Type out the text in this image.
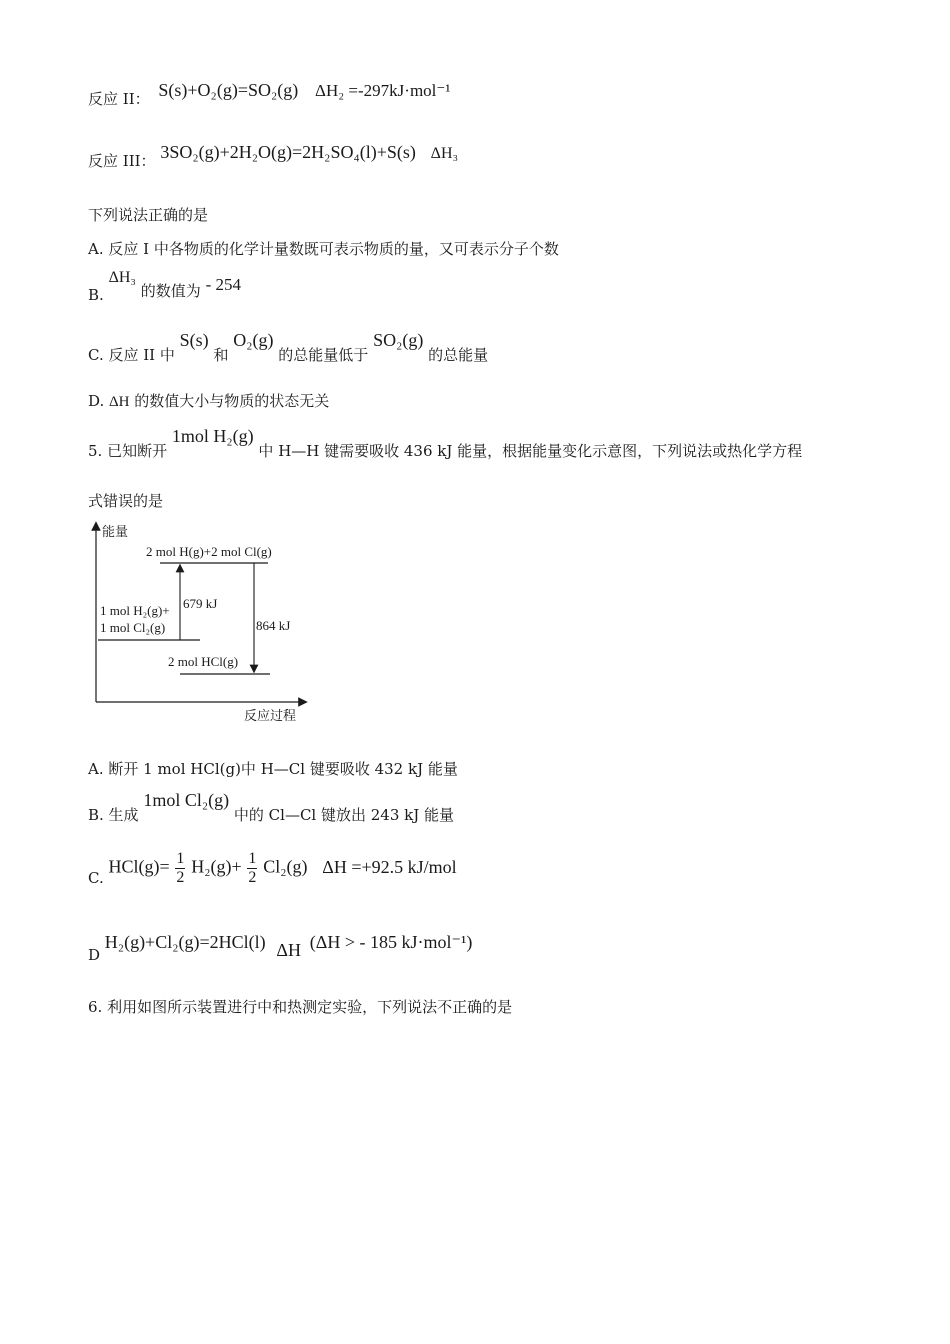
反应 II： S(s)+O₂(g)=SO₂(g) ΔH₂ =-297kJ·mol⁻¹
反应 III： 3SO₂(g)+2H₂O(g)=2H₂SO₄(l)+S(s) ΔH₃
下列说法正确的是
A. 反应 I 中各物质的化学计量数既可表示物质的量，又可表示分子个数
B. ΔH₃ 的数值为 - 254
C. 反应 II 中 S(s) 和 O₂(g) 的总能量低于 SO₂(g) 的总能量
D. ΔH 的数值大小与物质的状态无关
5. 已知断开 1mol H₂(g) 中 H—H 键需要吸收 436 kJ 能量，根据能量变化示意图，下列说法或热化学方程
式错误的是
能量
反应过程
2 mol H(g)+2 mol Cl(g)
1 mol H₂(g)+
1 mol Cl₂(g)
2 mol HCl(g)
679 kJ
864 kJ
A. 断开 1 mol HCl(g)中 H—Cl 键要吸收 432 kJ 能量
B. 生成 1mol Cl₂(g) 中的 Cl—Cl 键放出 243 kJ 能量
C. $HCl(g)= \frac{1}{2} H_2(g)+ \frac{1}{2} Cl_2(g)$ ΔH =+92.5 kJ/mol
D H₂(g)+Cl₂(g)=2HCl(l) ΔH (ΔH > - 185 kJ·mol⁻¹)
6. 利用如图所示装置进行中和热测定实验，下列说法不正确的是
